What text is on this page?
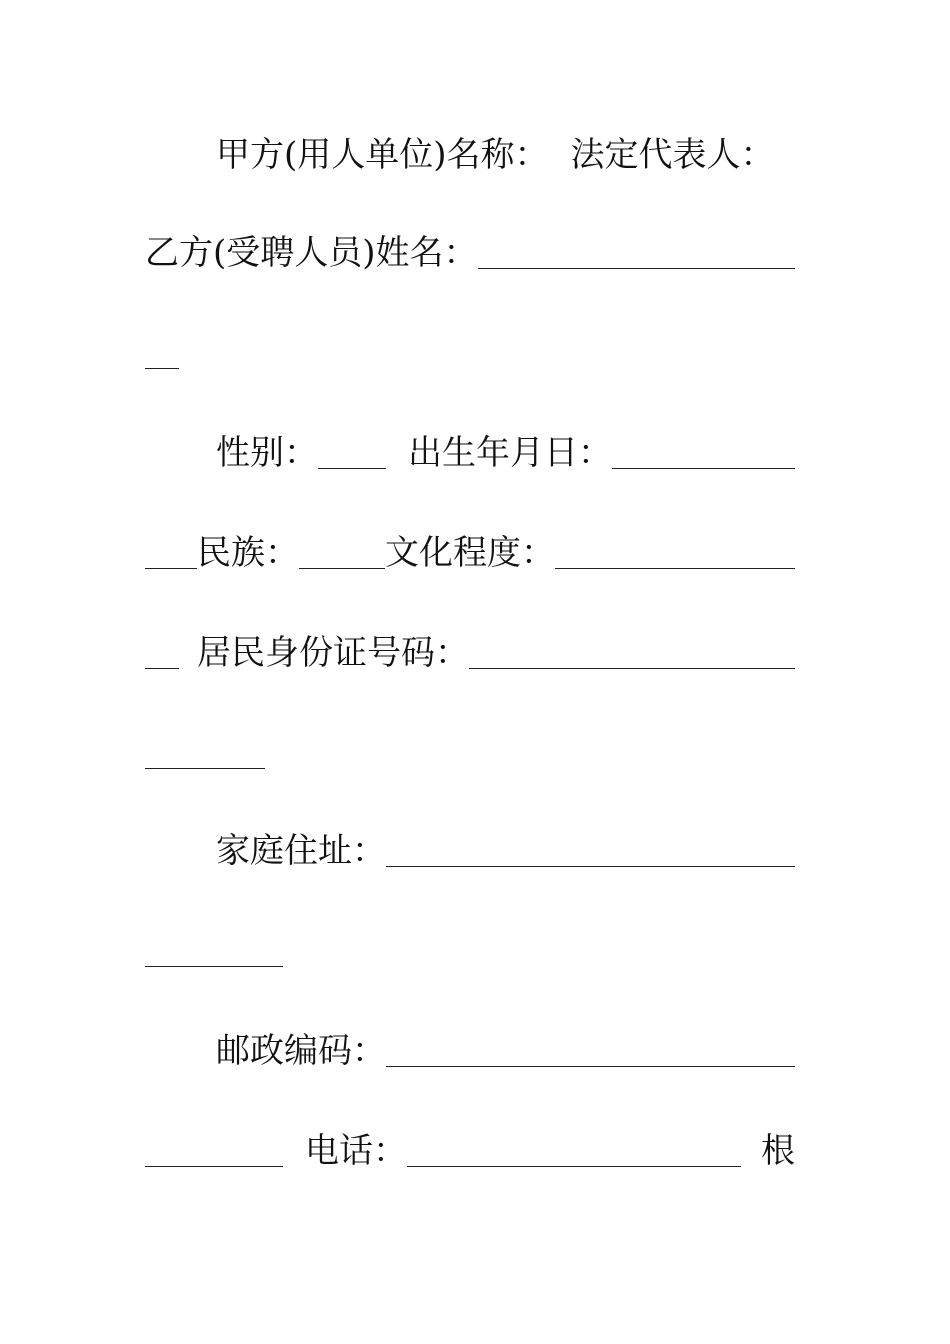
甲方(用人单位)名称： 法定代表人：
乙方(受聘人员)姓名：
性别：	出生年月日：
民族：	文化程度：
居民身份证号码：
家庭住址：
邮政编码：
电话：	根
